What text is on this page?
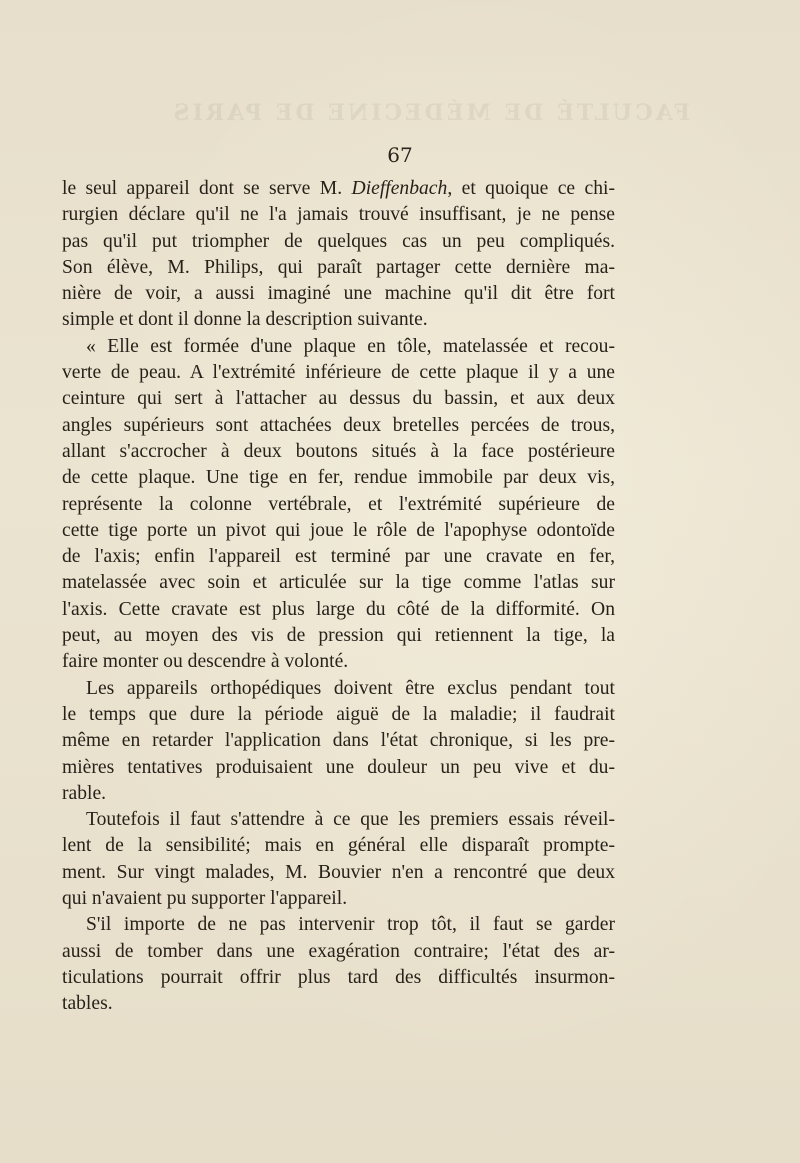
FACULTÉ DE MÉDECINE DE PARIS
67
le seul appareil dont se serve M. Dieffenbach, et quoique ce chi-
rurgien déclare qu'il ne l'a jamais trouvé insuffisant, je ne pense
pas qu'il put triompher de quelques cas un peu compliqués.
Son élève, M. Philips, qui paraît partager cette dernière ma-
nière de voir, a aussi imaginé une machine qu'il dit être fort
simple et dont il donne la description suivante.
« Elle est formée d'une plaque en tôle, matelassée et recou-
verte de peau. A l'extrémité inférieure de cette plaque il y a une
ceinture qui sert à l'attacher au dessus du bassin, et aux deux
angles supérieurs sont attachées deux bretelles percées de trous,
allant s'accrocher à deux boutons situés à la face postérieure
de cette plaque. Une tige en fer, rendue immobile par deux vis,
représente la colonne vertébrale, et l'extrémité supérieure de
cette tige porte un pivot qui joue le rôle de l'apophyse odontoïde
de l'axis; enfin l'appareil est terminé par une cravate en fer,
matelassée avec soin et articulée sur la tige comme l'atlas sur
l'axis. Cette cravate est plus large du côté de la difformité. On
peut, au moyen des vis de pression qui retiennent la tige, la
faire monter ou descendre à volonté.
Les appareils orthopédiques doivent être exclus pendant tout
le temps que dure la période aiguë de la maladie; il faudrait
même en retarder l'application dans l'état chronique, si les pre-
mières tentatives produisaient une douleur un peu vive et du-
rable.
Toutefois il faut s'attendre à ce que les premiers essais réveil-
lent de la sensibilité; mais en général elle disparaît prompte-
ment. Sur vingt malades, M. Bouvier n'en a rencontré que deux
qui n'avaient pu supporter l'appareil.
S'il importe de ne pas intervenir trop tôt, il faut se garder
aussi de tomber dans une exagération contraire; l'état des ar-
ticulations pourrait offrir plus tard des difficultés insurmon-
tables.
